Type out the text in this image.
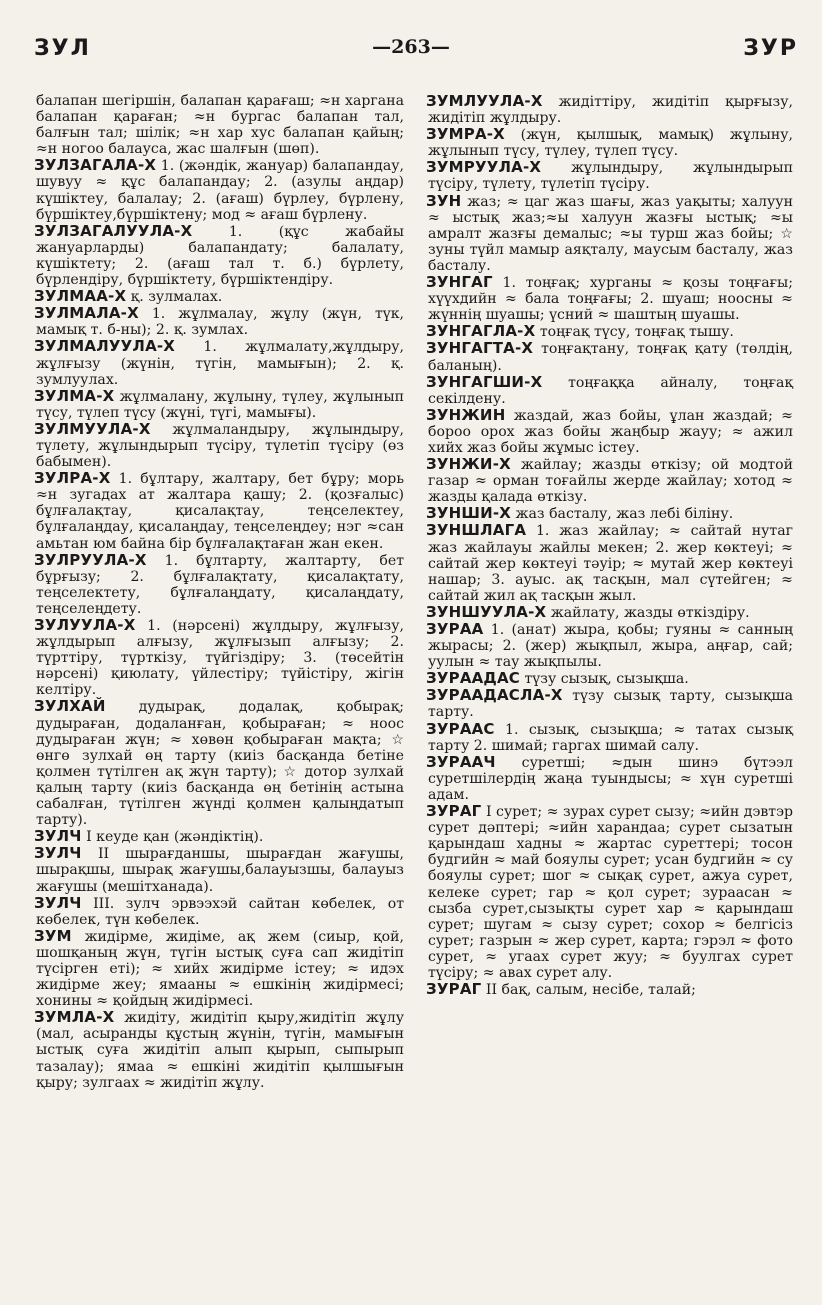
ЗУЛ	—263—	ЗУР

балапан шегіршін, балапан қарағаш; ≈н харгана балапан қараған; ≈н бургас балапан тал, балғын тал; шілік; ≈н хар хус балапан қайың; ≈н ногоо балауса, жас шалғын (шөп).

ЗУЛЗАГАЛА-Х 1. (жәндік, жануар) балапандау, шувуу ≈ құс балапандау; 2. (азулы аңдар) күшіктеу, балалау; 2. (ағаш) бүрлеу, бүрлену, бүршіктеу,бүршіктену; мод ≈ ағаш бүрлену.

ЗУЛЗАГАЛУУЛА-Х 1. (құс жабайы жануарларды) балапандату; балалату, күшіктету; 2. (ағаш тал т. б.) бүрлету, бүрлендіру, бүршіктету, бүршіктендіру.

ЗУЛМАА-Х қ. зулмалах.

ЗУЛМАЛА-Х 1. жұлмалау, жұлу (жүн, түк, мамық т. б-ны); 2. қ. зумлах.

ЗУЛМАЛУУЛА-Х 1. жұлмалату,жұлдыру, жұлғызу (жүнін, түгін, мамығын); 2. қ. зумлуулах.

ЗУЛМА-Х жұлмалану, жұлыну, түлеу, жұлынып түсу, түлеп түсу (жүні, түгі, мамығы).

ЗУЛМУУЛА-Х жұлмаландыру, жұлындыру, түлету, жұлындырып түсіру, түлетіп түсіру (өз бабымен).

ЗУЛРА-Х 1. бұлтару, жалтару, бет бұру; морь ≈н зугадах ат жалтара қашу; 2. (қозғалыс) бұлғалақтау, қисалақтау, теңселектеу, бұлғалаңдау, қисалаңдау, теңселеңдеу; нэг ≈сан амьтан юм байна бір бұлғалақтаған жан екен.

ЗУЛРУУЛА-Х 1. бұлтарту, жалтарту, бет бұрғызу; 2. бұлғалақтату, қисалақтату, теңселектету, бұлғалаңдату, қисалаңдату, теңселеңдету.

ЗУЛУУЛА-Х 1. (нәрсені) жұлдыру, жұлғызу, жұлдырып алғызу, жұлғызып алғызу; 2. түрттіру, түрткізу, түйгіздіру; 3. (төсейтін нәрсені) қиюлату, үйлестіру; түйістіру, жігін келтіру.

ЗУЛХАЙ дудырақ, додалақ, қобырақ; дудыраған, додаланған, қобыраған; ≈ ноос дудыраған жүн; ≈ хөвөн қобыраған мақта; ☆ өнгө зулхай өң тарту (киіз басқанда бетіне қолмен түтілген ақ жүн тарту); ☆ дотор зулхай қалың тарту (киіз басқанда өң бетінің астына сабалған, түтілген жүнді қолмен қалыңдатып тарту).

ЗУЛЧ I кеуде қан (жәндіктің).

ЗУЛЧ II шырағданшы, шырағдан жағушы, шырақшы, шырақ жағушы,балауызшы, балауыз жағушы (мешітханада).

ЗУЛЧ III. зулч эрвээхэй сайтан көбелек, от көбелек, түн көбелек.

ЗУМ жидірме, жидіме, ақ жем (сиыр, қой, шошқаның жүн, түгін ыстық суға сап жидітіп түсірген еті); ≈ хийх жидірме істеу; ≈ идэх жидірме жеу; ямааны ≈ ешкінің жидірмесі; хонины ≈ қойдың жидірмесі.

ЗУМЛА-Х жидіту, жидітіп қыру,жидітіп жұлу (мал, асыранды құстың жүнін, түгін, мамығын ыстық суға жидітіп алып қырып, сыпырып тазалау); ямаа ≈ ешкіні жидітіп қылшығын қыру; зулгаах ≈ жидітіп жұлу.

ЗУМЛУУЛА-Х жидіттіру, жидітіп қырғызу, жидітіп жұлдыру.

ЗУМРА-Х (жүн, қылшық, мамық) жұлыну, жұлынып түсу, түлеу, түлеп түсу.

ЗУМРУУЛА-Х жұлындыру, жұлындырып түсіру, түлету, түлетіп түсіру.

ЗУН жаз; ≈ цаг жаз шағы, жаз уақыты; халуун ≈ ыстық жаз;≈ы халуун жазғы ыстық; ≈ы амралт жазғы демалыс; ≈ы турш жаз бойы; ☆ зуны түйл мамыр аяқталу, маусым басталу, жаз басталу.

ЗУНГАГ 1. тоңғақ; хурганы ≈ қозы тоңғағы; хүүхдийн ≈ бала тоңғағы; 2. шуаш; ноосны ≈ жүннің шуашы; үсний ≈ шаштың шуашы.

ЗУНГАГЛА-Х тоңғақ түсу, тоңғақ тышу.

ЗУНГАГТА-Х тоңғақтану, тоңғақ қату (төлдің, баланың).

ЗУНГАГШИ-Х тоңғаққа айналу, тоңғақ секілдену.

ЗУНЖИН жаздай, жаз бойы, ұлан жаздай; ≈ бороо орох жаз бойы жаңбыр жауу; ≈ ажил хийх жаз бойы жұмыс істеу.

ЗУНЖИ-Х жайлау; жазды өткізу; ой модтой газар ≈ орман тоғайлы жерде жайлау; хотод ≈ жазды қалада өткізу.

ЗУНШИ-Х жаз басталу, жаз лебі біліну.

ЗУНШЛАГА 1. жаз жайлау; ≈ сайтай нутаг жаз жайлауы жайлы мекен; 2. жер көктеуі; ≈ сайтай жер көктеуі тәуір; ≈ мутай жер көктеуі нашар; 3. ауыс. ақ тасқын, мал сүтейген; ≈ сайтай жил ақ тасқын жыл.

ЗУНШУУЛА-Х жайлату, жазды өткіздіру.

ЗУРАА 1. (анат) жыра, қобы; гуяны ≈ санның жырасы; 2. (жер) жықпыл, жыра, аңғар, сай; уулын ≈ тау жықпылы.

ЗУРААДАС түзу сызық, сызықша.

ЗУРААДАСЛА-Х түзу сызық тарту, сызықша тарту.

ЗУРААС 1. сызық, сызықша; ≈ татах сызық тарту 2. шимай; гаргах шимай салу.

ЗУРААЧ суретші; ≈дын шинэ бүтээл суретшілердің жаңа туындысы; ≈ хүн суретші адам.

ЗУРАГ I сурет; ≈ зурах сурет сызу; ≈ийн дэвтэр сурет дәптері; ≈ийн харандаа; сурет сызатын қарындаш хадны ≈ жартас суреттері; тосон будгийн ≈ май бояулы сурет; усан будгийн ≈ су бояулы сурет; шог ≈ сықақ сурет, ажуа сурет, келеке сурет; гар ≈ қол сурет; зураасан ≈ сызба сурет,сызықты сурет хар ≈ қарындаш сурет; шугам ≈ сызу сурет; сохор ≈ белгісіз сурет; газрын ≈ жер сурет, карта; гэрэл ≈ фото сурет, ≈ угаах сурет жуу; ≈ буулгах сурет түсіру; ≈ авах сурет алу.

ЗУРАГ II бақ, салым, несібе, талай;
